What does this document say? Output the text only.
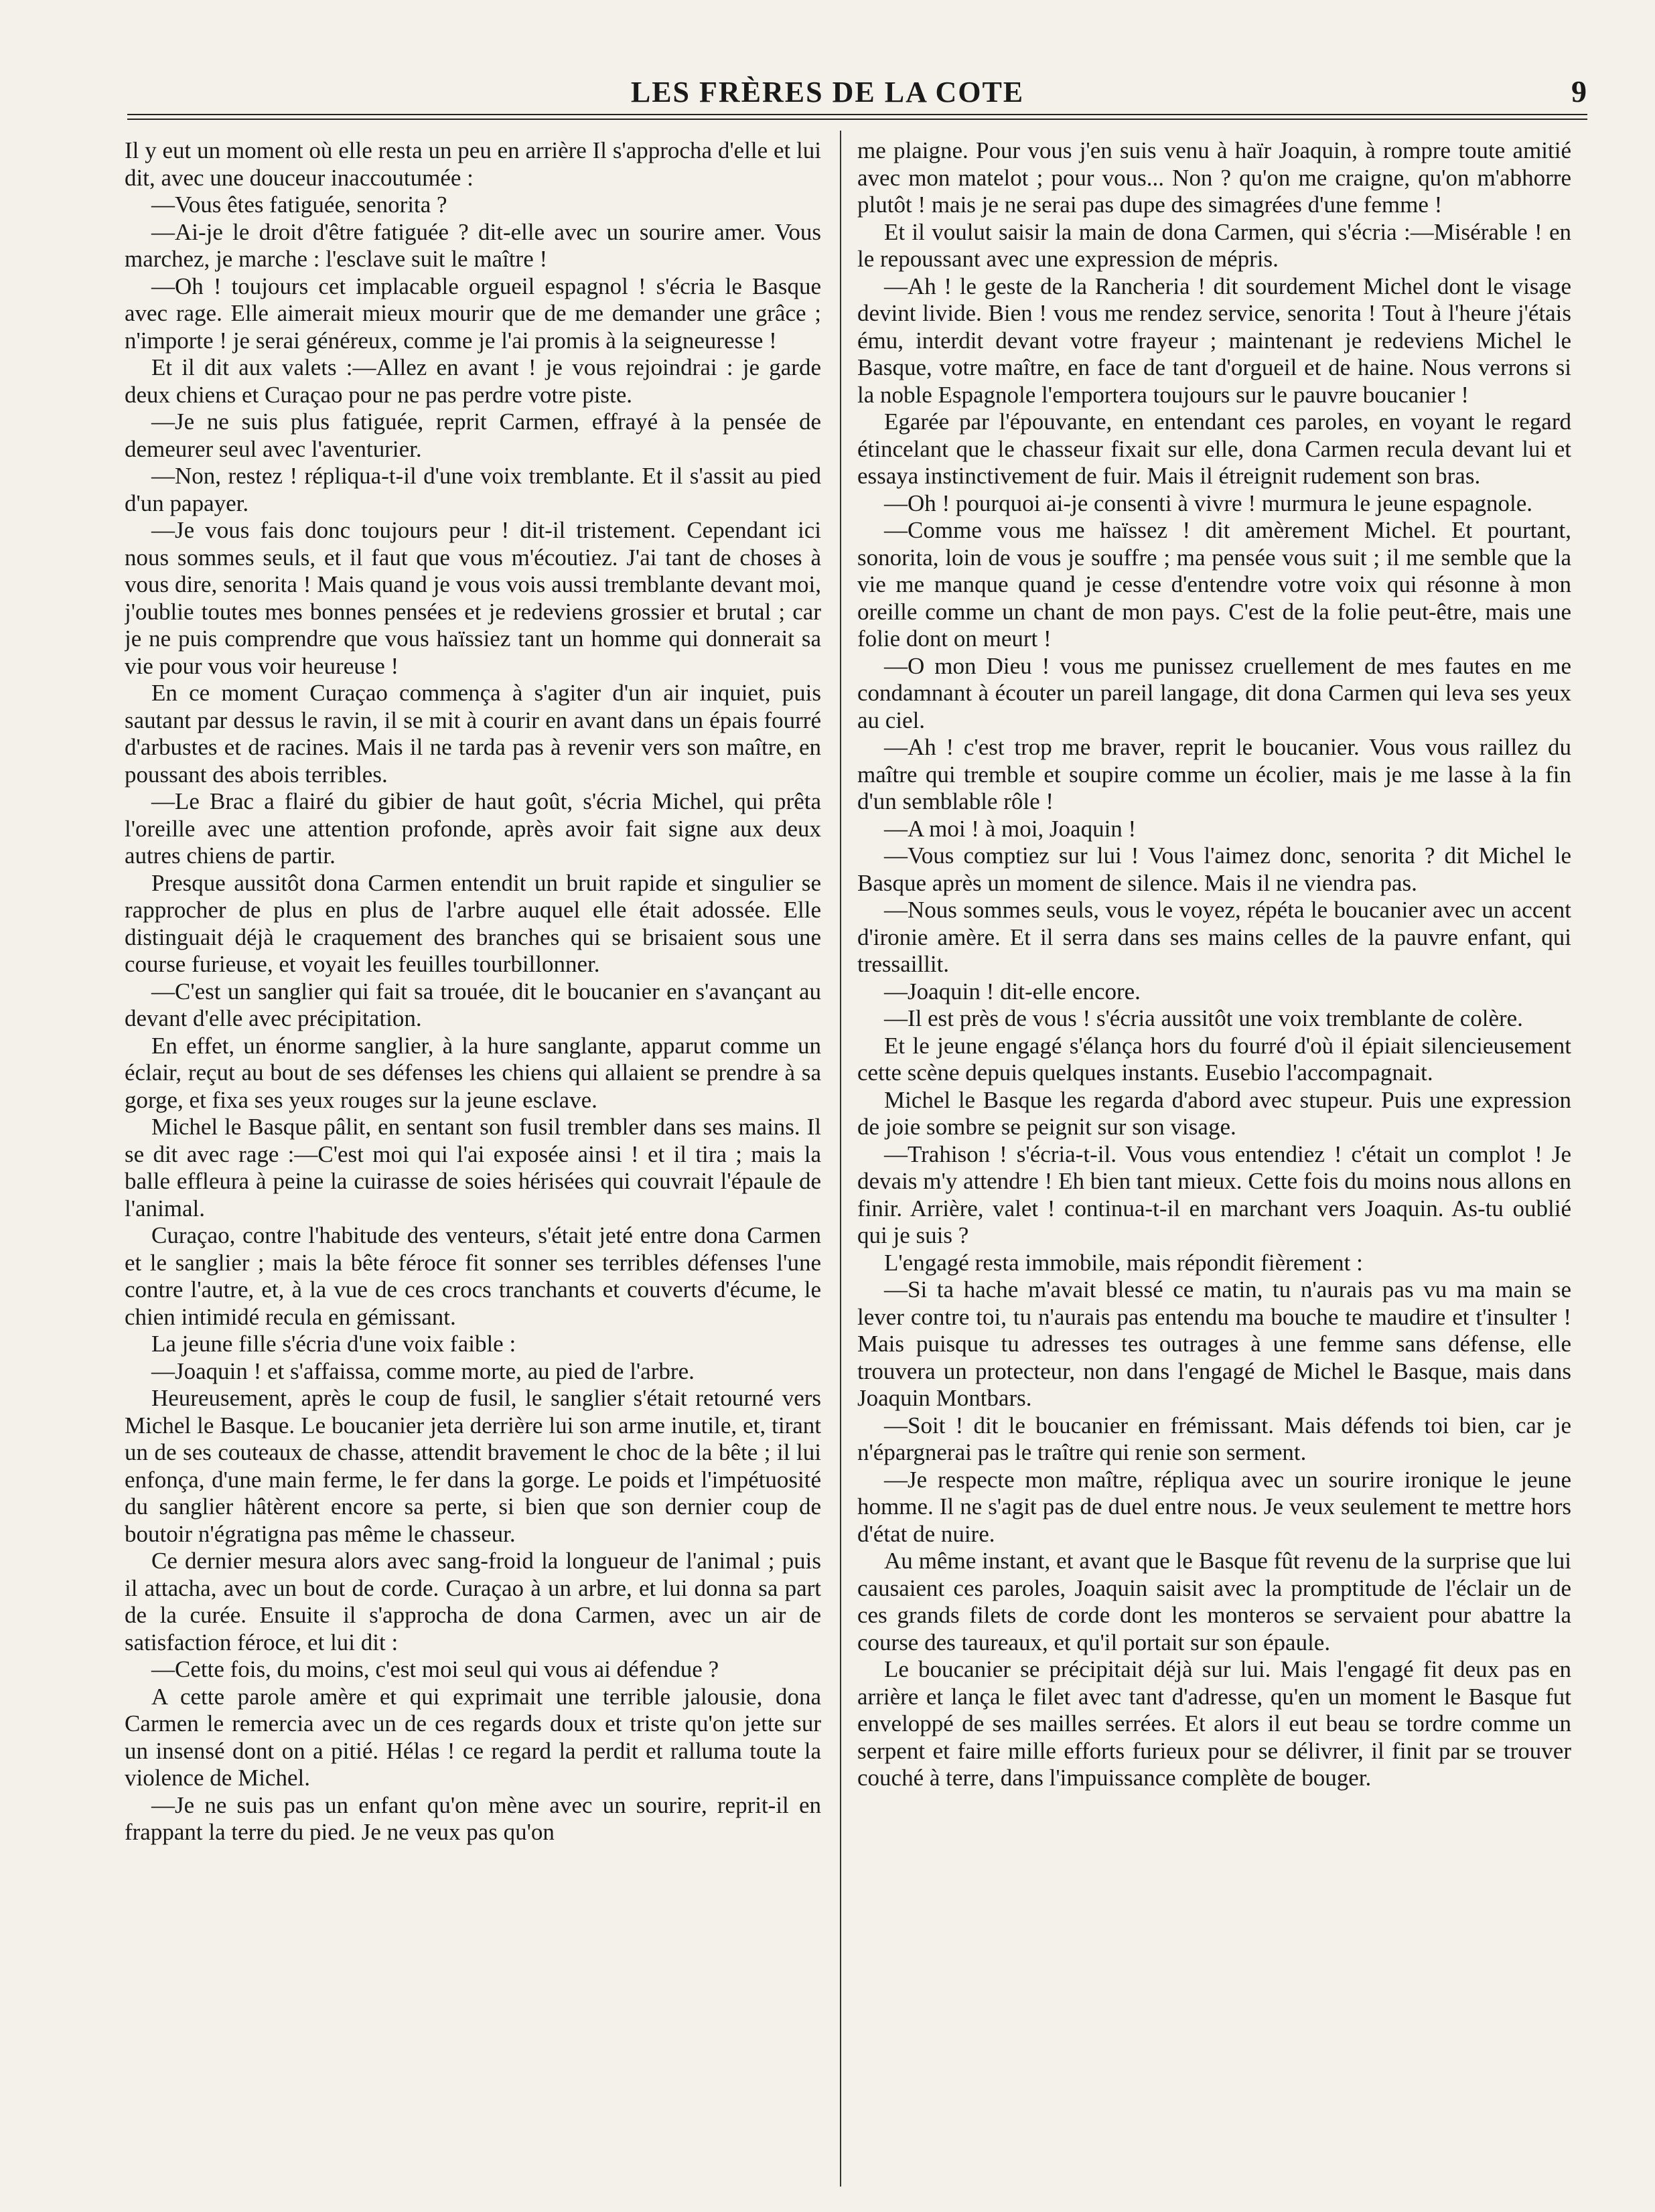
LES FRÈRES DE LA COTE	9

Il y eut un moment où elle resta un peu en arrière Il s'approcha d'elle et lui dit, avec une douceur inaccoutumée :

—Vous êtes fatiguée, senorita ?

—Ai-je le droit d'être fatiguée ? dit-elle avec un sourire amer. Vous marchez, je marche : l'esclave suit le maître !

—Oh ! toujours cet implacable orgueil espagnol ! s'écria le Basque avec rage. Elle aimerait mieux mourir que de me demander une grâce ; n'importe ! je serai généreux, comme je l'ai promis à la seigneuresse !

Et il dit aux valets :—Allez en avant ! je vous rejoindrai : je garde deux chiens et Curaçao pour ne pas perdre votre piste.

—Je ne suis plus fatiguée, reprit Carmen, effrayé à la pensée de demeurer seul avec l'aventurier.

—Non, restez ! répliqua-t-il d'une voix tremblante. Et il s'assit au pied d'un papayer.

—Je vous fais donc toujours peur ! dit-il tristement. Cependant ici nous sommes seuls, et il faut que vous m'écoutiez. J'ai tant de choses à vous dire, senorita ! Mais quand je vous vois aussi tremblante devant moi, j'oublie toutes mes bonnes pensées et je redeviens grossier et brutal ; car je ne puis comprendre que vous haïssiez tant un homme qui donnerait sa vie pour vous voir heureuse !

En ce moment Curaçao commença à s'agiter d'un air inquiet, puis sautant par dessus le ravin, il se mit à courir en avant dans un épais fourré d'arbustes et de racines. Mais il ne tarda pas à revenir vers son maître, en poussant des abois terribles.

—Le Brac a flairé du gibier de haut goût, s'écria Michel, qui prêta l'oreille avec une attention profonde, après avoir fait signe aux deux autres chiens de partir.

Presque aussitôt dona Carmen entendit un bruit rapide et singulier se rapprocher de plus en plus de l'arbre auquel elle était adossée. Elle distinguait déjà le craquement des branches qui se brisaient sous une course furieuse, et voyait les feuilles tourbillonner.

—C'est un sanglier qui fait sa trouée, dit le boucanier en s'avançant au devant d'elle avec précipitation.

En effet, un énorme sanglier, à la hure sanglante, apparut comme un éclair, reçut au bout de ses défenses les chiens qui allaient se prendre à sa gorge, et fixa ses yeux rouges sur la jeune esclave.

Michel le Basque pâlit, en sentant son fusil trembler dans ses mains. Il se dit avec rage :—C'est moi qui l'ai exposée ainsi ! et il tira ; mais la balle effleura à peine la cuirasse de soies hérisées qui couvrait l'épaule de l'animal.

Curaçao, contre l'habitude des venteurs, s'était jeté entre dona Carmen et le sanglier ; mais la bête féroce fit sonner ses terribles défenses l'une contre l'autre, et, à la vue de ces crocs tranchants et couverts d'écume, le chien intimidé recula en gémissant.

La jeune fille s'écria d'une voix faible :

—Joaquin ! et s'affaissa, comme morte, au pied de l'arbre.

Heureusement, après le coup de fusil, le sanglier s'était retourné vers Michel le Basque. Le boucanier jeta derrière lui son arme inutile, et, tirant un de ses couteaux de chasse, attendit bravement le choc de la bête ; il lui enfonça, d'une main ferme, le fer dans la gorge. Le poids et l'impétuosité du sanglier hâtèrent encore sa perte, si bien que son dernier coup de boutoir n'égratigna pas même le chasseur.

Ce dernier mesura alors avec sang-froid la longueur de l'animal ; puis il attacha, avec un bout de corde. Curaçao à un arbre, et lui donna sa part de la curée. Ensuite il s'approcha de dona Carmen, avec un air de satisfaction féroce, et lui dit :

—Cette fois, du moins, c'est moi seul qui vous ai défendue ?

A cette parole amère et qui exprimait une terrible jalousie, dona Carmen le remercia avec un de ces regards doux et triste qu'on jette sur un insensé dont on a pitié. Hélas ! ce regard la perdit et ralluma toute la violence de Michel.

—Je ne suis pas un enfant qu'on mène avec un sourire, reprit-il en frappant la terre du pied. Je ne veux pas qu'on

me plaigne. Pour vous j'en suis venu à haïr Joaquin, à rompre toute amitié avec mon matelot ; pour vous... Non ? qu'on me craigne, qu'on m'abhorre plutôt ! mais je ne serai pas dupe des simagrées d'une femme !

Et il voulut saisir la main de dona Carmen, qui s'écria :—Misérable ! en le repoussant avec une expression de mépris.

—Ah ! le geste de la Rancheria ! dit sourdement Michel dont le visage devint livide. Bien ! vous me rendez service, senorita ! Tout à l'heure j'étais ému, interdit devant votre frayeur ; maintenant je redeviens Michel le Basque, votre maître, en face de tant d'orgueil et de haine. Nous verrons si la noble Espagnole l'emportera toujours sur le pauvre boucanier !

Egarée par l'épouvante, en entendant ces paroles, en voyant le regard étincelant que le chasseur fixait sur elle, dona Carmen recula devant lui et essaya instinctivement de fuir. Mais il étreignit rudement son bras.

—Oh ! pourquoi ai-je consenti à vivre ! murmura le jeune espagnole.

—Comme vous me haïssez ! dit amèrement Michel. Et pourtant, sonorita, loin de vous je souffre ; ma pensée vous suit ; il me semble que la vie me manque quand je cesse d'entendre votre voix qui résonne à mon oreille comme un chant de mon pays. C'est de la folie peut-être, mais une folie dont on meurt !

—O mon Dieu ! vous me punissez cruellement de mes fautes en me condamnant à écouter un pareil langage, dit dona Carmen qui leva ses yeux au ciel.

—Ah ! c'est trop me braver, reprit le boucanier. Vous vous raillez du maître qui tremble et soupire comme un écolier, mais je me lasse à la fin d'un semblable rôle !

—A moi ! à moi, Joaquin !

—Vous comptiez sur lui ! Vous l'aimez donc, senorita ? dit Michel le Basque après un moment de silence. Mais il ne viendra pas.

—Nous sommes seuls, vous le voyez, répéta le boucanier avec un accent d'ironie amère. Et il serra dans ses mains celles de la pauvre enfant, qui tressaillit.

—Joaquin ! dit-elle encore.

—Il est près de vous ! s'écria aussitôt une voix tremblante de colère.

Et le jeune engagé s'élança hors du fourré d'où il épiait silencieusement cette scène depuis quelques instants. Eusebio l'accompagnait.

Michel le Basque les regarda d'abord avec stupeur. Puis une expression de joie sombre se peignit sur son visage.

—Trahison ! s'écria-t-il. Vous vous entendiez ! c'était un complot ! Je devais m'y attendre ! Eh bien tant mieux. Cette fois du moins nous allons en finir. Arrière, valet ! continua-t-il en marchant vers Joaquin. As-tu oublié qui je suis ?

L'engagé resta immobile, mais répondit fièrement :

—Si ta hache m'avait blessé ce matin, tu n'aurais pas vu ma main se lever contre toi, tu n'aurais pas entendu ma bouche te maudire et t'insulter ! Mais puisque tu adresses tes outrages à une femme sans défense, elle trouvera un protecteur, non dans l'engagé de Michel le Basque, mais dans Joaquin Montbars.

—Soit ! dit le boucanier en frémissant. Mais défends toi bien, car je n'épargnerai pas le traître qui renie son serment.

—Je respecte mon maître, répliqua avec un sourire ironique le jeune homme. Il ne s'agit pas de duel entre nous. Je veux seulement te mettre hors d'état de nuire.

Au même instant, et avant que le Basque fût revenu de la surprise que lui causaient ces paroles, Joaquin saisit avec la promptitude de l'éclair un de ces grands filets de corde dont les monteros se servaient pour abattre la course des taureaux, et qu'il portait sur son épaule.

Le boucanier se précipitait déjà sur lui. Mais l'engagé fit deux pas en arrière et lança le filet avec tant d'adresse, qu'en un moment le Basque fut enveloppé de ses mailles serrées. Et alors il eut beau se tordre comme un serpent et faire mille efforts furieux pour se délivrer, il finit par se trouver couché à terre, dans l'impuissance complète de bouger.
